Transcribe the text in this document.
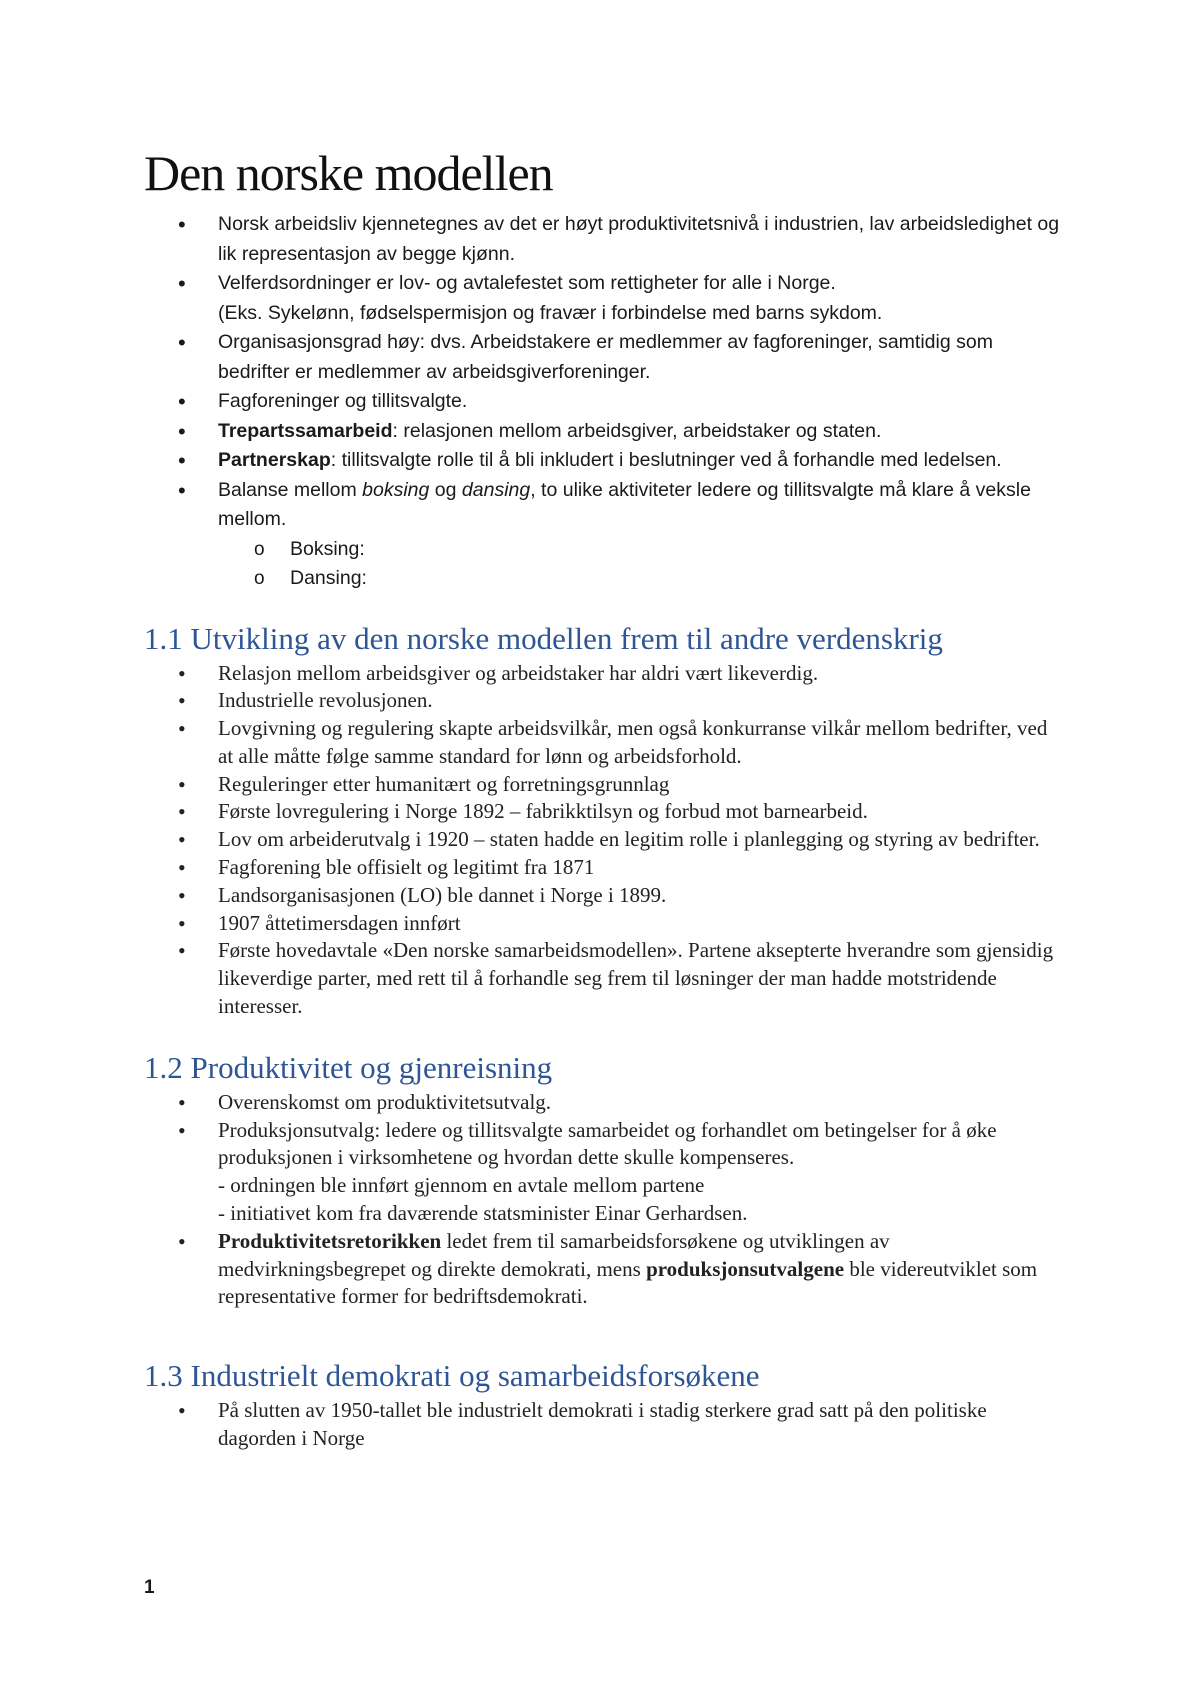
Den norske modellen
• Norsk arbeidsliv kjennetegnes av det er høyt produktivitetsnivå i industrien, lav arbeidsledighet og lik representasjon av begge kjønn.
• Velferdsordninger er lov- og avtalefestet som rettigheter for alle i Norge.
(Eks. Sykelønn, fødselspermisjon og fravær i forbindelse med barns sykdom.
• Organisasjonsgrad høy: dvs. Arbeidstakere er medlemmer av fagforeninger, samtidig som bedrifter er medlemmer av arbeidsgiverforeninger.
• Fagforeninger og tillitsvalgte.
• Trepartssamarbeid: relasjonen mellom arbeidsgiver, arbeidstaker og staten.
• Partnerskap: tillitsvalgte rolle til å bli inkludert i beslutninger ved å forhandle med ledelsen.
• Balanse mellom boksing og dansing, to ulike aktiviteter ledere og tillitsvalgte må klare å veksle mellom.
o Boksing:
o Dansing:
1.1 Utvikling av den norske modellen frem til andre verdenskrig
• Relasjon mellom arbeidsgiver og arbeidstaker har aldri vært likeverdig.
• Industrielle revolusjonen.
• Lovgivning og regulering skapte arbeidsvilkår, men også konkurranse vilkår mellom bedrifter, ved at alle måtte følge samme standard for lønn og arbeidsforhold.
• Reguleringer etter humanitært og forretningsgrunnlag
• Første lovregulering i Norge 1892 – fabrikktilsyn og forbud mot barnearbeid.
• Lov om arbeiderutvalg i 1920 – staten hadde en legitim rolle i planlegging og styring av bedrifter.
• Fagforening ble offisielt og legitimt fra 1871
• Landsorganisasjonen (LO) ble dannet i Norge i 1899.
• 1907 åttetimersdagen innført
• Første hovedavtale «Den norske samarbeidsmodellen». Partene aksepterte hverandre som gjensidig likeverdige parter, med rett til å forhandle seg frem til løsninger der man hadde motstridende interesser.
1.2 Produktivitet og gjenreisning
• Overenskomst om produktivitetsutvalg.
• Produksjonsutvalg: ledere og tillitsvalgte samarbeidet og forhandlet om betingelser for å øke produksjonen i virksomhetene og hvordan dette skulle kompenseres.
- ordningen ble innført gjennom en avtale mellom partene
- initiativet kom fra daværende statsminister Einar Gerhardsen.
• Produktivitetsretorikken ledet frem til samarbeidsforsøkene og utviklingen av medvirkningsbegrepet og direkte demokrati, mens produksjonsutvalgene ble videreutviklet som representative former for bedriftsdemokrati.
1.3 Industrielt demokrati og samarbeidsforsøkene
• På slutten av 1950-tallet ble industrielt demokrati i stadig sterkere grad satt på den politiske dagorden i Norge
1
